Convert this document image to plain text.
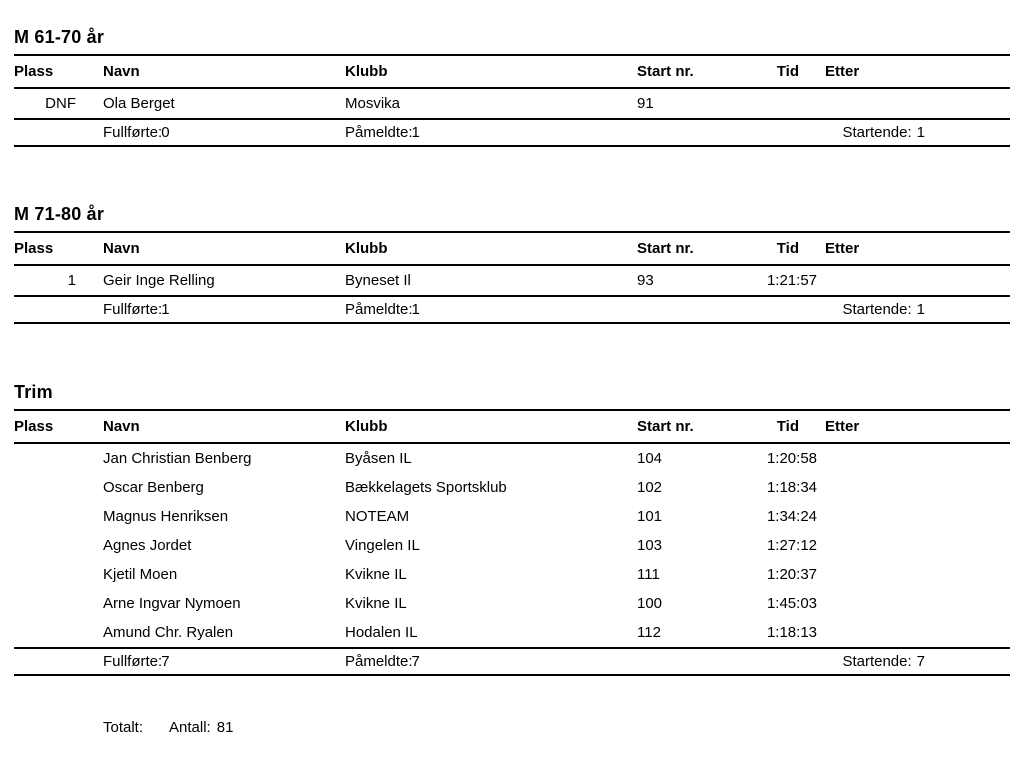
M 61-70 år
Plass	Navn	Klubb	Start nr.	Tid	Etter
DNF	Ola Berget	Mosvika	91		
	Fullførte:0	Påmeldte:1	Startende: 1		
M 71-80 år
Plass	Navn	Klubb	Start nr.	Tid	Etter
1	Geir Inge Relling	Byneset Il	93	1:21:57	
	Fullførte:1	Påmeldte:1	Startende: 1		
Trim
Plass	Navn	Klubb	Start nr.	Tid	Etter
	Jan Christian Benberg	Byåsen IL	104	1:20:58	
	Oscar Benberg	Bækkelagets Sportsklub	102	1:18:34	
	Magnus Henriksen	NOTEAM	101	1:34:24	
	Agnes Jordet	Vingelen IL	103	1:27:12	
	Kjetil Moen	Kvikne IL	111	1:20:37	
	Arne Ingvar Nymoen	Kvikne IL	100	1:45:03	
	Amund Chr. Ryalen	Hodalen IL	112	1:18:13	
	Fullførte:7	Påmeldte:7	Startende: 7		
Totalt: Antall: 81
